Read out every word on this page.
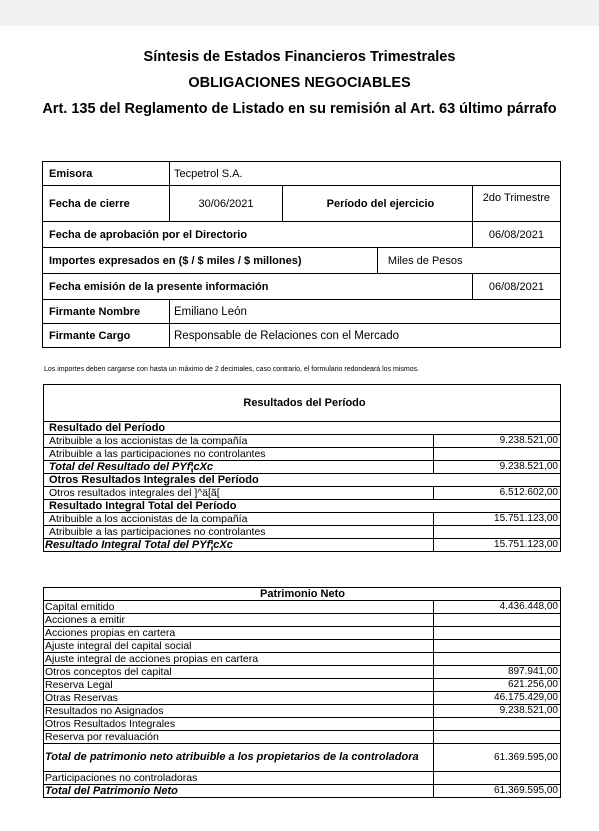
Síntesis de Estados Financieros Trimestrales
OBLIGACIONES NEGOCIABLES
Art. 135 del Reglamento de Listado en su remisión al Art. 63 último párrafo
Emisora	Tecpetrol S.A.			
Fecha de cierre	30/06/2021	Período del ejercicio		2do Trimestre
Fecha de aprobación por el Directorio				06/08/2021
Importes expresados en ($ / $ miles / $ millones)			Miles de Pesos	
Fecha emisión de la presente información				06/08/2021
Firmante Nombre	Emiliano León			
Firmante Cargo	Responsable de Relaciones con el Mercado			
Los importes deben cargarse con hasta un máximo de 2 decimales, caso contrario, el formulario redondeará los mismos.
Resultados del Período	
Resultado del Período	
Atribuible a los accionistas de la compañía	9.238.521,00
Atribuible a las participaciones no controlantes	
Total del Resultado del PYf¦cXc	9.238.521,00
Otros Resultados Integrales del Período	
Otros resultados integrales del ]^ä[ã[	6.512.602,00
Resultado Integral Total del Período	
Atribuible a los accionistas de la compañía	15.751.123,00
Atribuible a las participaciones no controlantes	
Resultado Integral Total del PYf¦cXc	15.751.123,00
Patrimonio Neto	
Capital emitido	4.436.448,00
Acciones a emitir	
Acciones propias en cartera	
Ajuste integral del capital social	
Ajuste integral de acciones propias en cartera	
Otros conceptos del capital	897.941,00
Reserva Legal	621.256,00
Otras Reservas	46.175.429,00
Resultados no Asignados	9.238.521,00
Otros Resultados Integrales	
Reserva por revaluación	
Total de patrimonio neto atribuible a los propietarios de la controladora	61.369.595,00
Participaciones no controladoras	
Total del Patrimonio Neto	61.369.595,00
